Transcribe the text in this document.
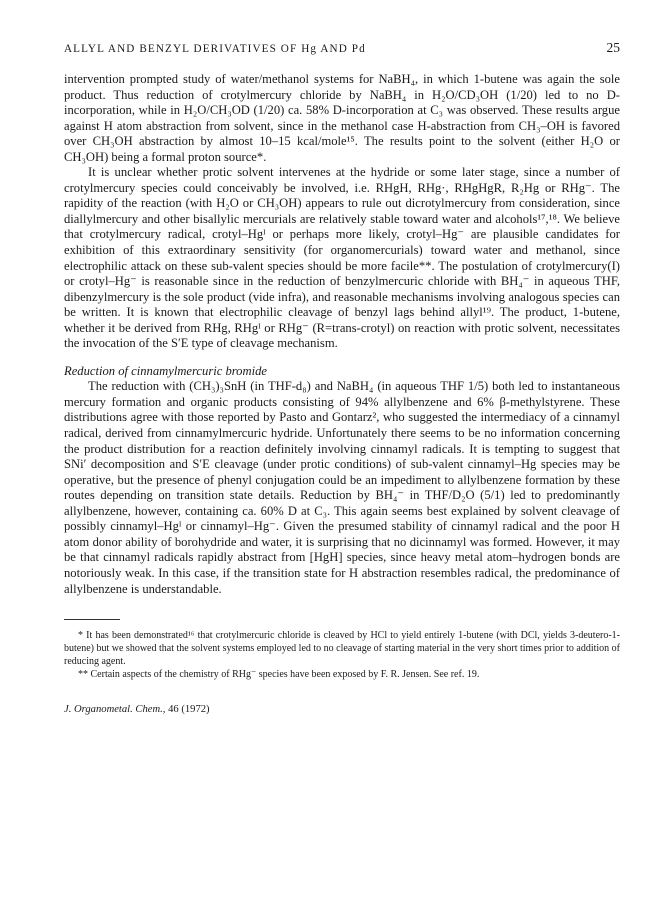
ALLYL AND BENZYL DERIVATIVES OF Hg AND Pd	25

intervention prompted study of water/methanol systems for NaBH₄, in which 1-butene was again the sole product. Thus reduction of crotylmercury chloride by NaBH₄ in H₂O/CD₃OH (1/20) led to no D-incorporation, while in H₂O/CH₃OD (1/20) ca. 58% D-incorporation at C₃ was observed. These results argue against H atom abstraction from solvent, since in the methanol case H-abstraction from CH₃–OH is favored over CH₃OH abstraction by almost 10–15 kcal/mole¹⁵. The results point to the solvent (either H₂O or CH₃OH) being a formal proton source*.

It is unclear whether protic solvent intervenes at the hydride or some later stage, since a number of crotylmercury species could conceivably be involved, i.e. RHgH, RHg·, RHgHgR, R₂Hg or RHg⁻. The rapidity of the reaction (with H₂O or CH₃OH) appears to rule out dicrotylmercury from consideration, since diallylmercury and other bisallylic mercurials are relatively stable toward water and alcohols¹⁷,¹⁸. We believe that crotylmercury radical, crotyl–Hgᴵ or perhaps more likely, crotyl–Hg⁻ are plausible candidates for exhibition of this extraordinary sensitivity (for organomercurials) toward water and methanol, since electrophilic attack on these sub-valent species should be more facile**. The postulation of crotylmercury(I) or crotyl–Hg⁻ is reasonable since in the reduction of benzylmercuric chloride with BH₄⁻ in aqueous THF, dibenzylmercury is the sole product (vide infra), and reasonable mechanisms involving analogous species can be written. It is known that electrophilic cleavage of benzyl lags behind allyl¹⁹. The product, 1-butene, whether it be derived from RHg, RHgᴵ or RHg⁻ (R=trans-crotyl) on reaction with protic solvent, necessitates the invocation of the S′E type of cleavage mechanism.

Reduction of cinnamylmercuric bromide

The reduction with (CH₃)₃SnH (in THF-d₈) and NaBH₄ (in aqueous THF 1/5) both led to instantaneous mercury formation and organic products consisting of 94% allylbenzene and 6% β-methylstyrene. These distributions agree with those reported by Pasto and Gontarz², who suggested the intermediacy of a cinnamyl radical, derived from cinnamylmercuric hydride. Unfortunately there seems to be no information concerning the product distribution for a reaction definitely involving cinnamyl radicals. It is tempting to suggest that SNi′ decomposition and S′E cleavage (under protic conditions) of sub-valent cinnamyl–Hg species may be operative, but the presence of phenyl conjugation could be an impediment to allylbenzene formation by these routes depending on transition state details. Reduction by BH₄⁻ in THF/D₂O (5/1) led to predominantly allylbenzene, however, containing ca. 60% D at C₃. This again seems best explained by solvent cleavage of possibly cinnamyl–Hgᴵ or cinnamyl–Hg⁻. Given the presumed stability of cinnamyl radical and the poor H atom donor ability of borohydride and water, it is surprising that no dicinnamyl was formed. However, it may be that cinnamyl radicals rapidly abstract from [HgH] species, since heavy metal atom–hydrogen bonds are notoriously weak. In this case, if the transition state for H abstraction resembles radical, the predominance of allylbenzene is understandable.

* It has been demonstrated¹⁶ that crotylmercuric chloride is cleaved by HCl to yield entirely 1-butene (with DCl, yields 3-deutero-1-butene) but we showed that the solvent systems employed led to no cleavage of starting material in the very short times prior to addition of reducing agent.

** Certain aspects of the chemistry of RHg⁻ species have been exposed by F. R. Jensen. See ref. 19.

J. Organometal. Chem., 46 (1972)
